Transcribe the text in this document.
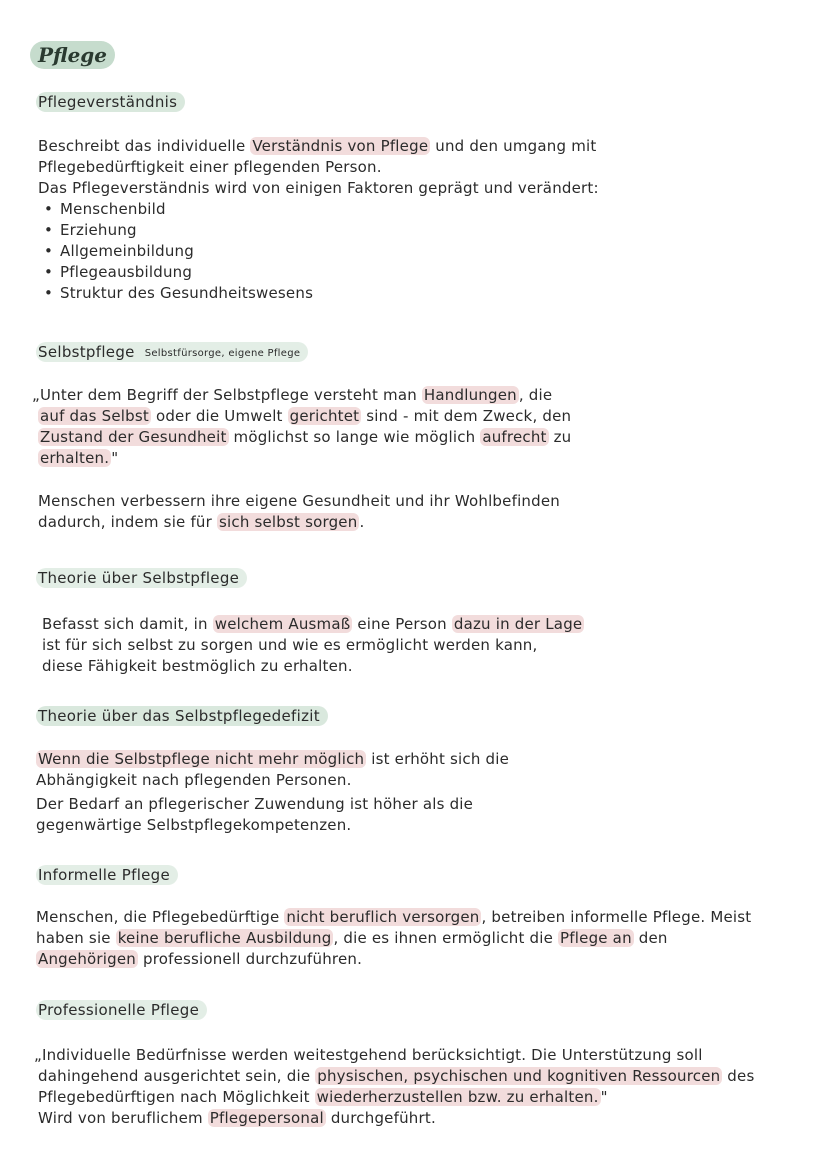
Pflege
Pflegeverständnis

Beschreibt das individuelle Verständnis von Pflege und den umgang mit

Pflegebedürftigkeit einer pflegenden Person.

Das Pflegeverständnis wird von einigen Faktoren geprägt und verändert:

• Menschenbild
• Erziehung
• Allgemeinbildung
• Pflegeausbildung
• Struktur des Gesundheitswesens
Selbstpflege Selbstfürsorge, eigene Pflege

„Unter dem Begriff der Selbstpflege versteht man Handlungen , die

auf das Selbst oder die Umwelt gerichtet sind - mit dem Zweck, den

Zustand der Gesundheit möglichst so lange wie möglich aufrecht zu

erhalten. "

Menschen verbessern ihre eigene Gesundheit und ihr Wohlbefinden

dadurch, indem sie für sich selbst sorgen .

Theorie über Selbstpflege

Befasst sich damit, in welchem Ausmaß eine Person dazu in der Lage

ist für sich selbst zu sorgen und wie es ermöglicht werden kann,

diese Fähigkeit bestmöglich zu erhalten.

Theorie über das Selbstpflegedefizit

Wenn die Selbstpflege nicht mehr möglich ist erhöht sich die

Abhängigkeit nach pflegenden Personen.

Der Bedarf an pflegerischer Zuwendung ist höher als die

gegenwärtige Selbstpflegekompetenzen.

Informelle Pflege

Menschen, die Pflegebedürftige nicht beruflich versorgen , betreiben informelle Pflege. Meist

haben sie keine berufliche Ausbildung , die es ihnen ermöglicht die Pflege an den

Angehörigen professionell durchzuführen.

Professionelle Pflege

„Individuelle Bedürfnisse werden weitestgehend berücksichtigt. Die Unterstützung soll

dahingehend ausgerichtet sein, die physischen, psychischen und kognitiven Ressourcen des

Pflegebedürftigen nach Möglichkeit wiederherzustellen bzw. zu erhalten. "

Wird von beruflichem Pflegepersonal durchgeführt.
